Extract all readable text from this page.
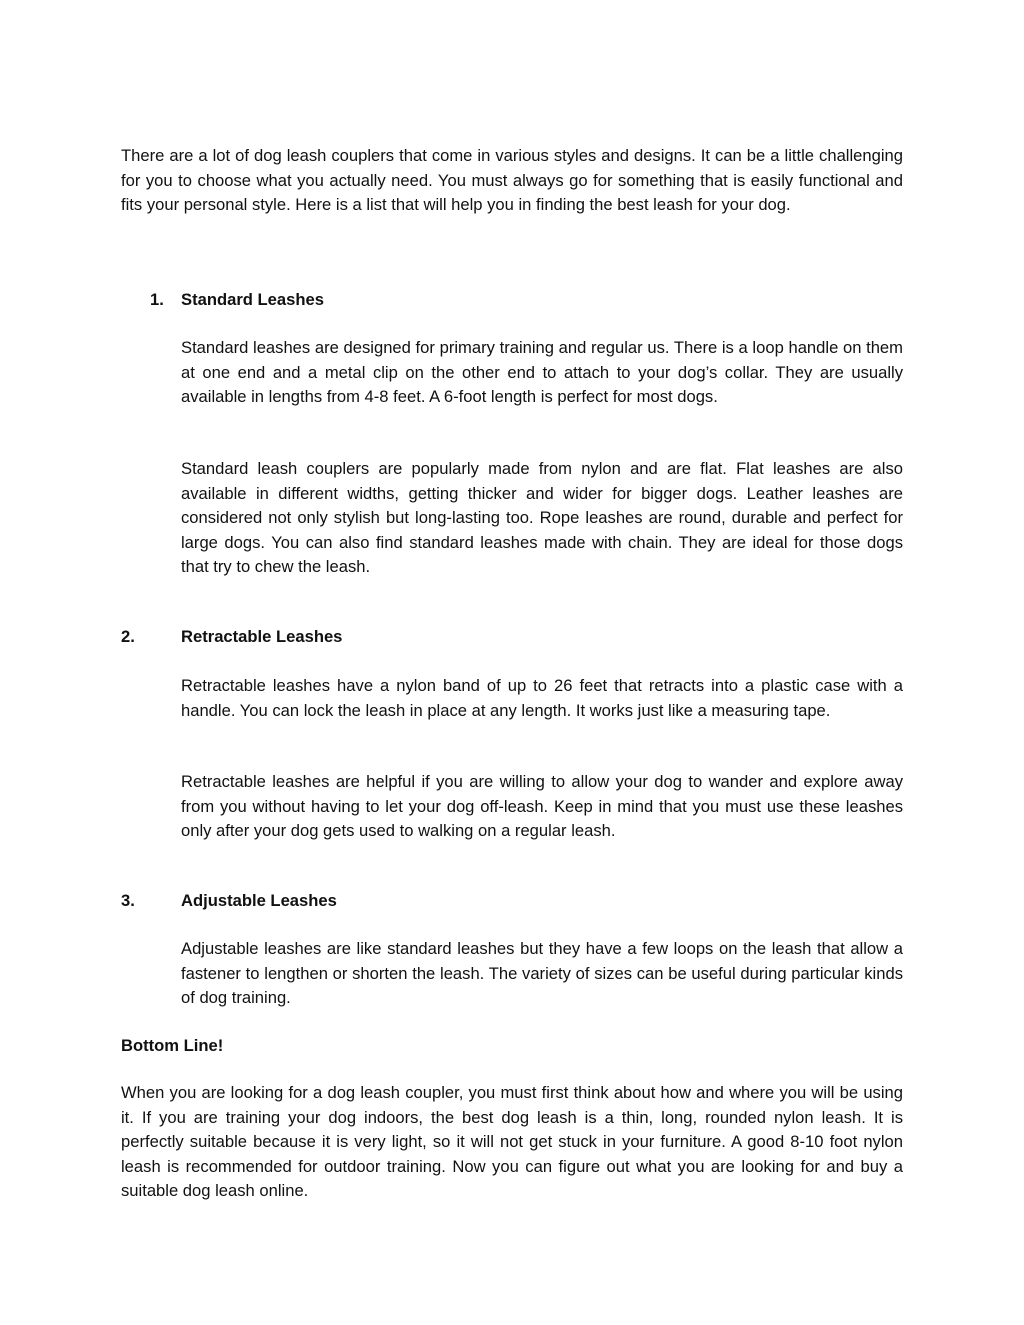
There are a lot of dog leash couplers that come in various styles and designs. It can be a little challenging for you to choose what you actually need. You must always go for something that is easily functional and fits your personal style. Here is a list that will help you in finding the best leash for your dog.

1. Standard Leashes

Standard leashes are designed for primary training and regular us. There is a loop handle on them at one end and a metal clip on the other end to attach to your dog’s collar. They are usually available in lengths from 4-8 feet. A 6-foot length is perfect for most dogs.

Standard leash couplers are popularly made from nylon and are flat. Flat leashes are also available in different widths, getting thicker and wider for bigger dogs. Leather leashes are considered not only stylish but long-lasting too. Rope leashes are round, durable and perfect for large dogs. You can also find standard leashes made with chain. They are ideal for those dogs that try to chew the leash.

2.	Retractable Leashes

Retractable leashes have a nylon band of up to 26 feet that retracts into a plastic case with a handle. You can lock the leash in place at any length. It works just like a measuring tape.

Retractable leashes are helpful if you are willing to allow your dog to wander and explore away from you without having to let your dog off-leash. Keep in mind that you must use these leashes only after your dog gets used to walking on a regular leash.

3.	Adjustable Leashes

Adjustable leashes are like standard leashes but they have a few loops on the leash that allow a fastener to lengthen or shorten the leash. The variety of sizes can be useful during particular kinds of dog training.

Bottom Line!

When you are looking for a dog leash coupler, you must first think about how and where you will be using it. If you are training your dog indoors, the best dog leash is a thin, long, rounded nylon leash. It is perfectly suitable because it is very light, so it will not get stuck in your furniture. A good 8-10 foot nylon leash is recommended for outdoor training. Now you can figure out what you are looking for and buy a suitable dog leash online.
